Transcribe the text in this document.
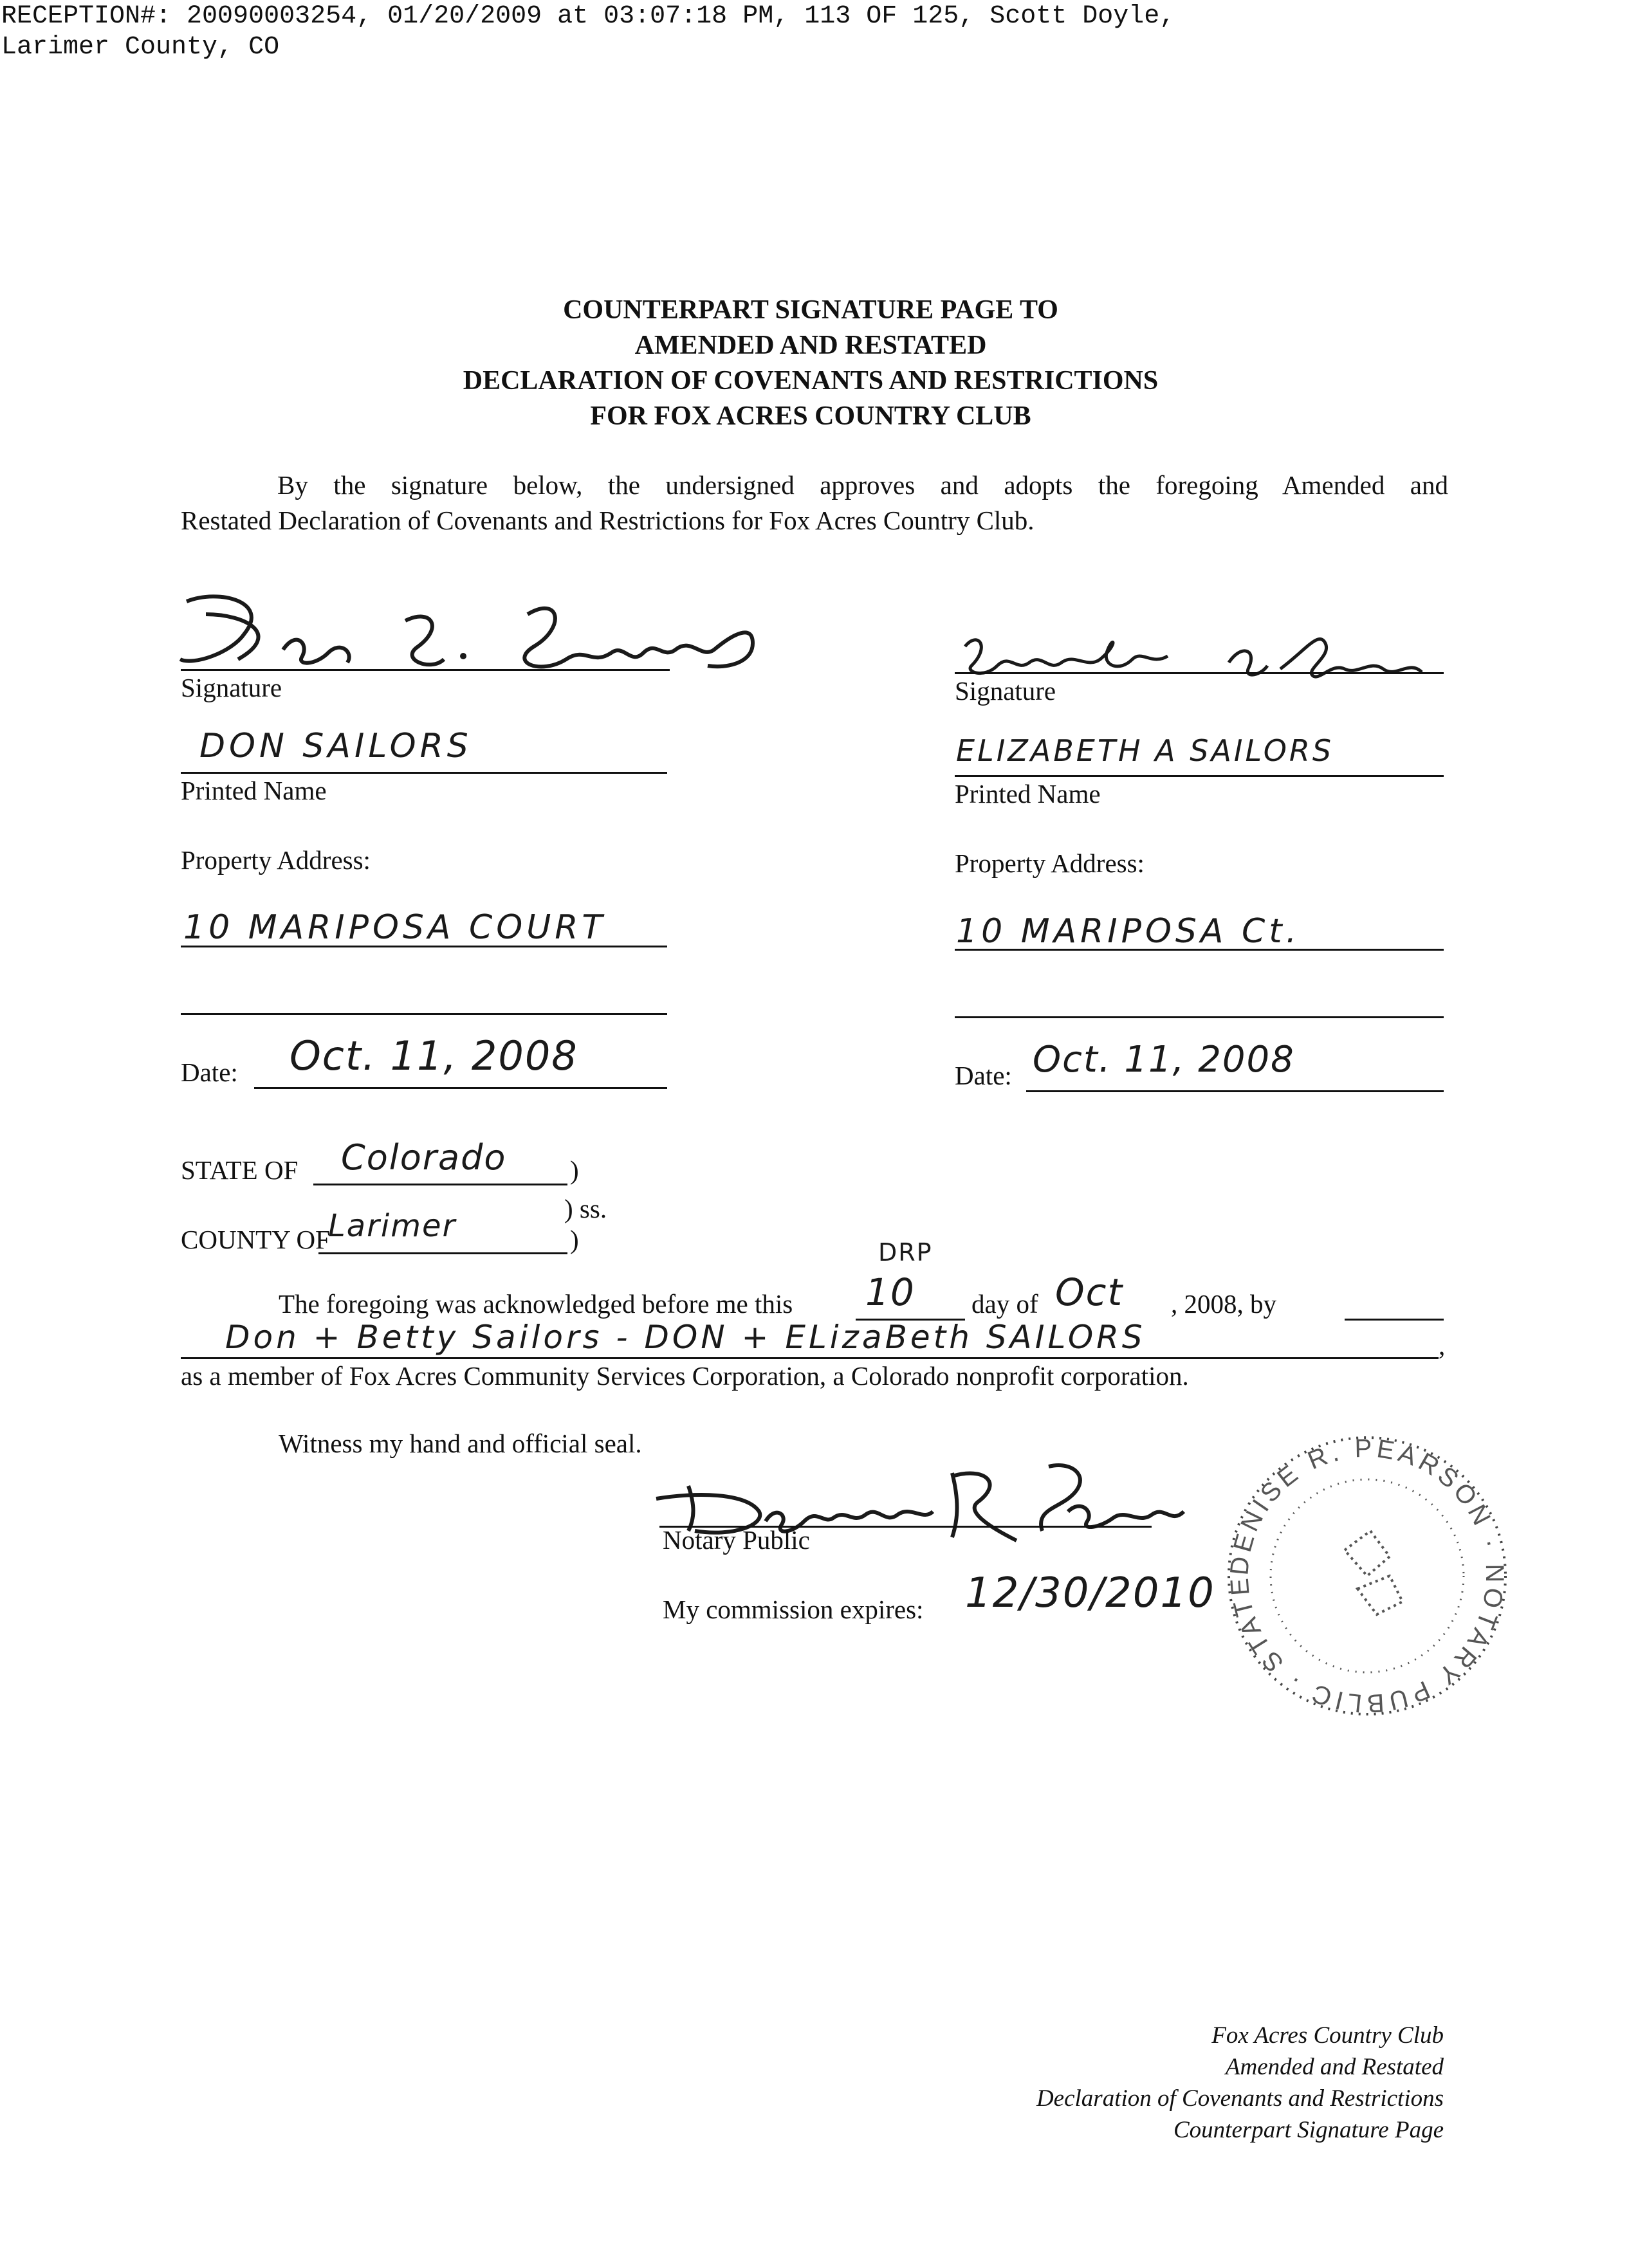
RECEPTION#: 20090003254, 01/20/2009 at 03:07:18 PM, 113 OF 125, Scott Doyle,
Larimer County, CO
COUNTERPART SIGNATURE PAGE TO
AMENDED AND RESTATED
DECLARATION OF COVENANTS AND RESTRICTIONS
FOR FOX ACRES COUNTRY CLUB
By the signature below, the undersigned approves and adopts the foregoing Amended and
Restated Declaration of Covenants and Restrictions for Fox Acres Country Club.
Signature
DON SAILORS
Printed Name
Property Address:
10 MARIPOSA COURT
Date: Oct. 11, 2008
Signature
ELIZABETH A SAILORS
Printed Name
Property Address:
10 MARIPOSA Ct.
Date: Oct. 11, 2008
STATE OF Colorado )
) ss.
COUNTY OF
Larimer	)	DRP
The foregoing was acknowledged before me this 10 day of Oct , 2008, by
Don + Betty Sailors - DON + ELizaBeth SAILORS	,
as a member of Fox Acres Community Services Corporation, a Colorado nonprofit corporation.
Witness my hand and official seal.
Notary Public
My commission expires: 12/30/2010
DENISE R. PEARSON · NOTARY PUBLIC · STATE OF COLORADO ·
Fox Acres Country Club
Amended and Restated
Declaration of Covenants and Restrictions
Counterpart Signature Page
